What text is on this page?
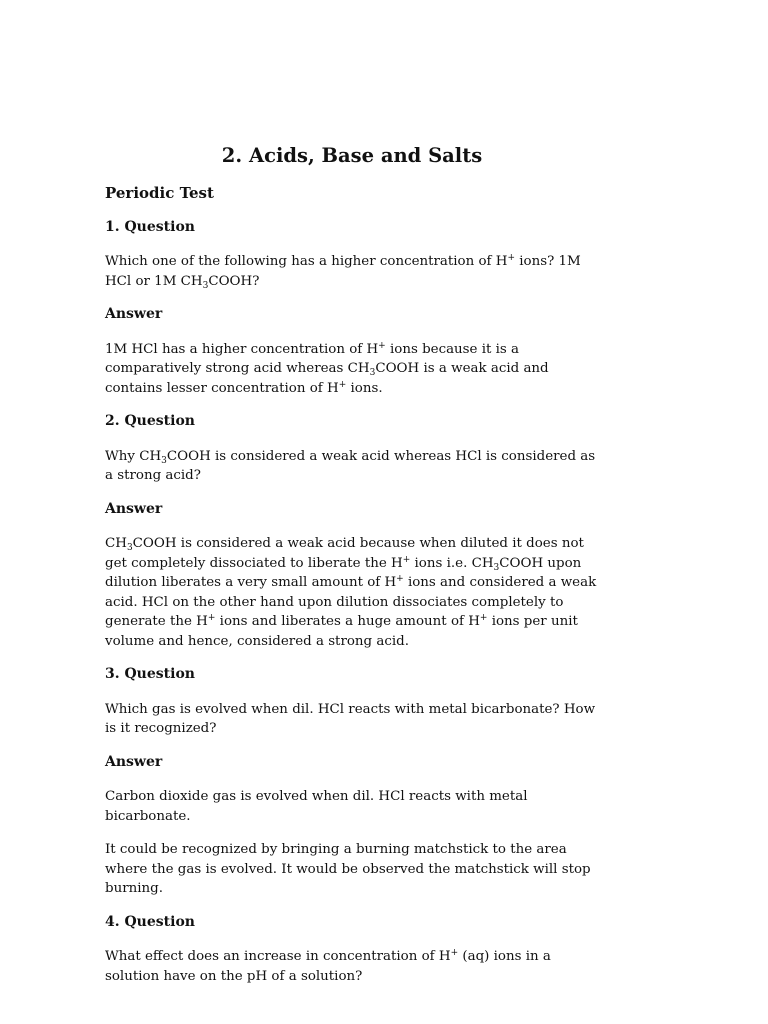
2. Acids, Base and Salts

Periodic Test

1. Question

Which one of the following has a higher concentration of H+ ions? 1M HCl or 1M $CH_3COOH$?

Answer

1M HCl has a higher concentration of H+ ions because it is a comparatively strong acid whereas $CH_3COOH$ is a weak acid and contains lesser concentration of H+ ions.

2. Question

Why $CH_3COOH$ is considered a weak acid whereas HCl is considered as a strong acid?

Answer

$CH_3COOH$ is considered a weak acid because when diluted it does not get completely dissociated to liberate the H+ ions i.e. $CH_3COOH$ upon dilution liberates a very small amount of H+ ions and considered a weak acid. HCl on the other hand upon dilution dissociates completely to generate the H+ ions and liberates a huge amount of H+ ions per unit volume and hence, considered a strong acid.

3. Question

Which gas is evolved when dil. HCl reacts with metal bicarbonate? How is it recognized?

Answer

Carbon dioxide gas is evolved when dil. HCl reacts with metal bicarbonate.

It could be recognized by bringing a burning matchstick to the area where the gas is evolved. It would be observed the matchstick will stop burning.

4. Question

What effect does an increase in concentration of H+ (aq) ions in a solution have on the pH of a solution?
